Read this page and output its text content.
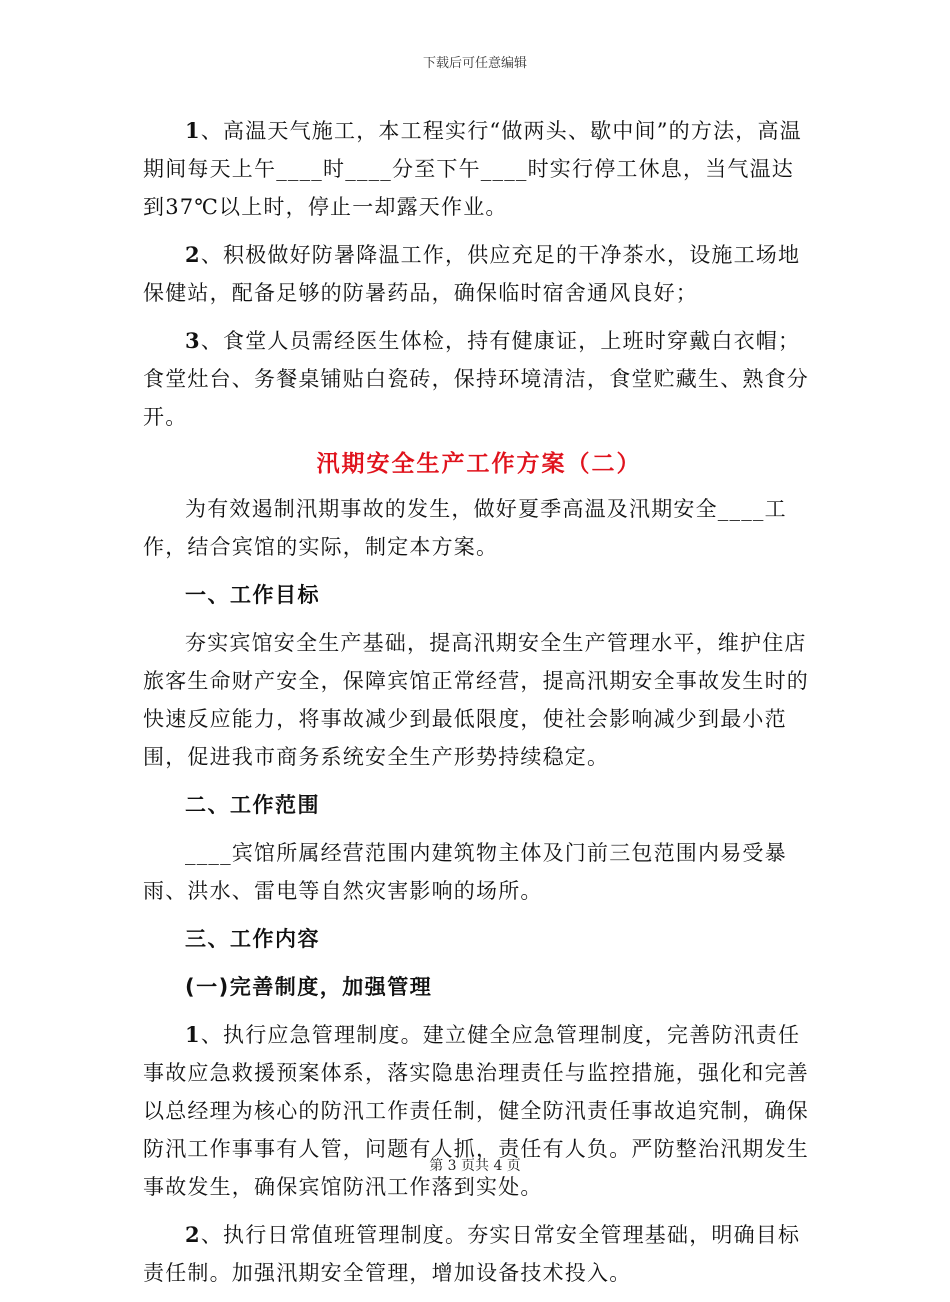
下载后可任意编辑

1、高温天气施工，本工程实行“做两头、歇中间”的方法，高温期间每天上午____时____分至下午____时实行停工休息，当气温达到37℃以上时，停止一却露天作业。

2、积极做好防暑降温工作，供应充足的干净茶水，设施工场地保健站，配备足够的防暑药品，确保临时宿舍通风良好；

3、食堂人员需经医生体检，持有健康证，上班时穿戴白衣帽；食堂灶台、务餐桌铺贴白瓷砖，保持环境清洁，食堂贮藏生、熟食分开。

汛期安全生产工作方案（二）

为有效遏制汛期事故的发生，做好夏季高温及汛期安全____工作，结合宾馆的实际，制定本方案。

一、工作目标

夯实宾馆安全生产基础，提高汛期安全生产管理水平，维护住店旅客生命财产安全，保障宾馆正常经营，提高汛期安全事故发生时的快速反应能力，将事故减少到最低限度，使社会影响减少到最小范围，促进我市商务系统安全生产形势持续稳定。

二、工作范围

____宾馆所属经营范围内建筑物主体及门前三包范围内易受暴雨、洪水、雷电等自然灾害影响的场所。

三、工作内容
(一)完善制度，加强管理

1、执行应急管理制度。建立健全应急管理制度，完善防汛责任事故应急救援预案体系，落实隐患治理责任与监控措施，强化和完善以总经理为核心的防汛工作责任制，健全防汛责任事故追究制，确保防汛工作事事有人管，问题有人抓，责任有人负。严防整治汛期发生事故发生，确保宾馆防汛工作落到实处。

2、执行日常值班管理制度。夯实日常安全管理基础，明确目标责任制。加强汛期安全管理，增加设备技术投入。

第 3 页共 4 页
